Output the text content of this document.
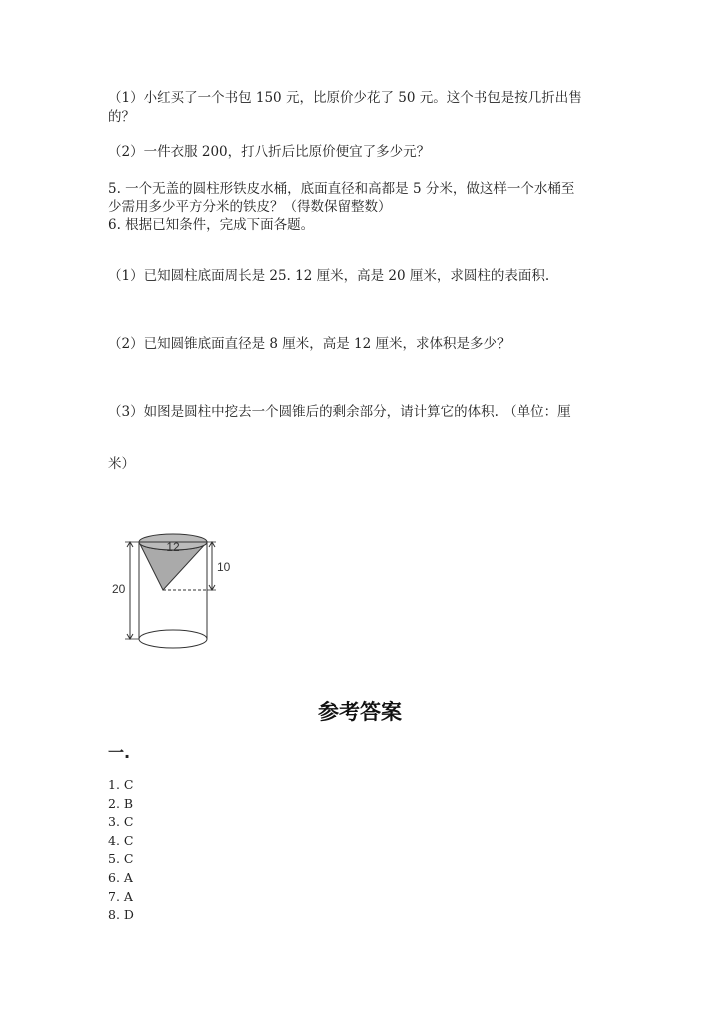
（1）小红买了一个书包 150 元，比原价少花了 50 元。这个书包是按几折出售
的？
（2）一件衣服 200，打八折后比原价便宜了多少元？
5. 一个无盖的圆柱形铁皮水桶，底面直径和高都是 5 分米，做这样一个水桶至
少需用多少平方分米的铁皮？（得数保留整数）
6. 根据已知条件，完成下面各题。
（1）已知圆柱底面周长是 25. 12 厘米，高是 20 厘米，求圆柱的表面积.
（2）已知圆锥底面直径是 8 厘米，高是 12 厘米，求体积是多少？
（3）如图是圆柱中挖去一个圆锥后的剩余部分，请计算它的体积. （单位：厘
米）
12
10
20
参考答案
一.
1. C
2. B
3. C
4. C
5. C
6. A
7. A
8. D
